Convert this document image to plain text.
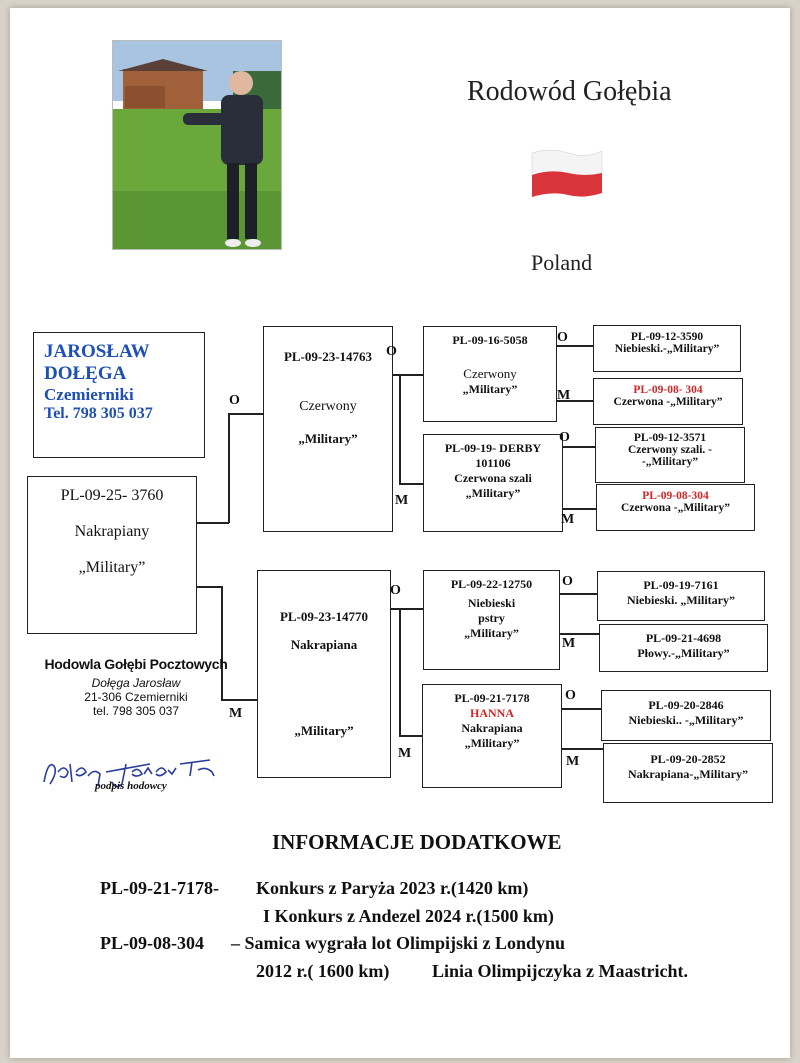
Rodowód Gołębia
Poland
JAROSŁAW
DOŁĘGA
Czemierniki
Tel. 798 305 037
PL-09-25- 3760
Nakrapiany
„Military”
O
M
PL-09-23-14763
Czerwony
„Military”
PL-09-23-14770
Nakrapiana
„Military”
O
M
O
M
PL-09-16-5058
Czerwony
„Military”
PL-09-19- DERBY
101106
Czerwona szali
„Military”
PL-09-22-12750
Niebieski
pstry
„Military”
PL-09-21-7178
HANNA
Nakrapiana
„Military”
O
M
O
M
O
M
O
M
PL-09-12-3590
Niebieski.-„Military”
PL-09-08- 304
Czerwona -„Military”
PL-09-12-3571
Czerwony szali. -
-„Military”
PL-09-08-304
Czerwona -„Military”
PL-09-19-7161
Niebieski. „Military”
PL-09-21-4698
Płowy.-„Military”
PL-09-20-2846
Niebieski.. -„Military”
PL-09-20-2852
Nakrapiana-„Military”
Hodowla Gołębi Pocztowych
Dołęga Jarosław
21-306 Czemierniki
tel. 798 305 037
podpis hodowcy
INFORMACJE DODATKOWE
PL-09-21-7178- Konkurs z Paryża 2023 r.(1420 km)
I Konkurs z Andezel 2024 r.(1500 km)
PL-09-08-304 – Samica wygrała lot Olimpijski z Londynu
2012 r.( 1600 km) Linia Olimpijczyka z Maastricht.
